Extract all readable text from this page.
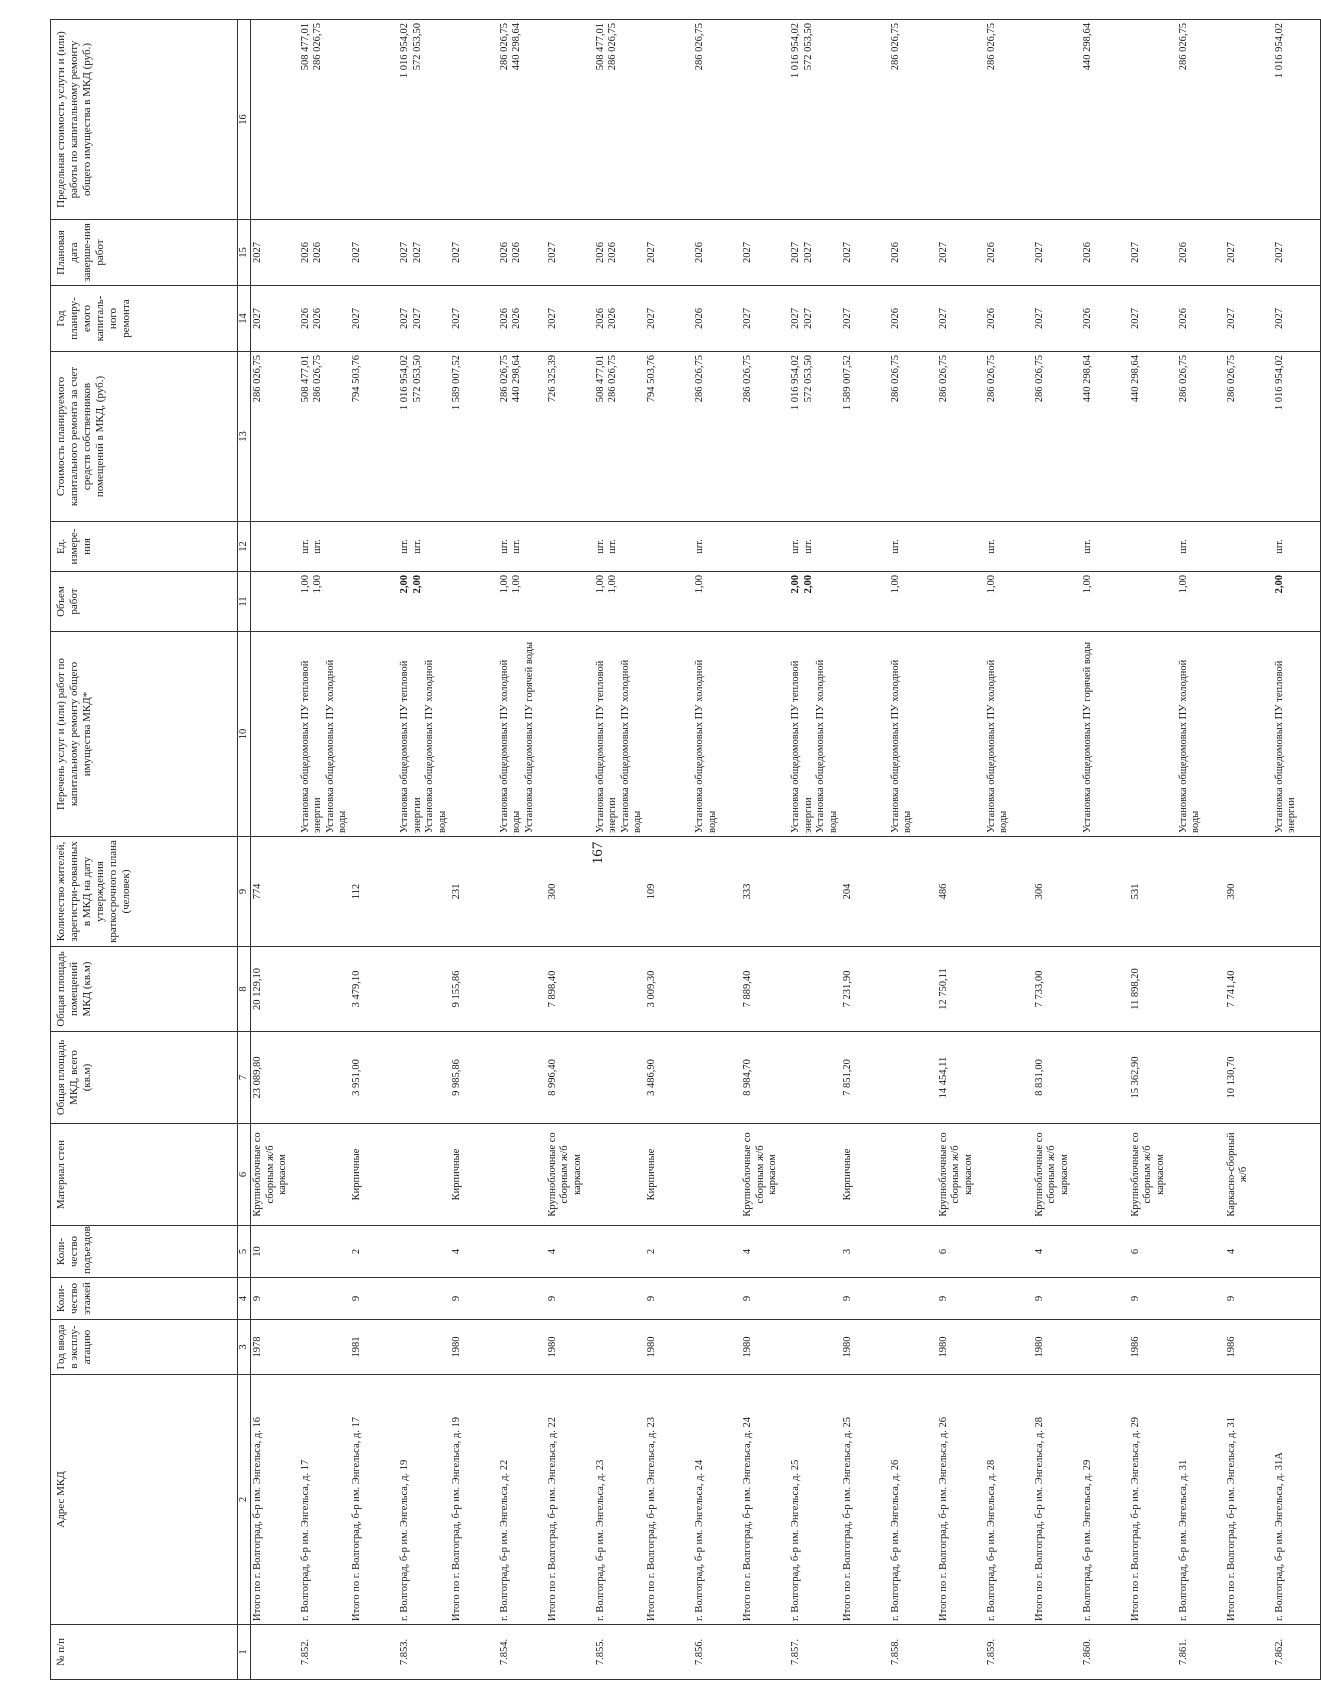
167
№ п/п	Адрес МКД	Год ввода в эксплу-атацию	Коли-чество этажей	Коли-чество подъездов	Материал стен	Общая площадь МКД, всего (кв.м)	Общая площадь помещений МКД (кв.м)	Количество жителей, зарегистри-рованных в МКД на дату утверждения краткосрочного плана (человек)	Перечень услуг и (или) работ по капитальному ремонту общего имущества МКД*	Объем работ	Ед. измере-ния	Стоимость планируемого капитального ремонта за счет средств собственников помещений в МКД, (руб.)	Год планиру-емого капиталь-ного ремонта	Плановая дата заверше-ния работ	Предельная стоимость услуги и (или) работы по капитальному ремонту общего имущества в МКД (руб.)
1	2	3	4	5	6	7	8	9	10	11	12	13	14	15	16
	Итого по г. Волгоград, б-р им. Энгельса, д. 16	1978	9	10	Крупноблочные со сборным ж/б каркасом	23 089,80	20 129,10	774				286 026,75	2027	2027	

7.852.	г. Волгоград, б-р им. Энгельса, д. 17								Установка общедомовых ПУ тепловой энергии Установка общедомовых ПУ холодной воды	1,00 1,00	шт. шт.	508 477,01 286 026,75	2026 2026	2026 2026	508 477,01 286 026,75

	Итого по г. Волгоград, б-р им. Энгельса, д. 17	1981	9	2	Кирпичные	3 951,00	3 479,10	112				794 503,76	2027	2027	

7.853.	г. Волгоград, б-р им. Энгельса, д. 19								Установка общедомовых ПУ тепловой энергии Установка общедомовых ПУ холодной воды	2,00 2,00	шт. шт.	1 016 954,02 572 053,50	2027 2027	2027 2027	1 016 954,02 572 053,50

	Итого по г. Волгоград, б-р им. Энгельса, д. 19	1980	9	4	Кирпичные	9 985,86	9 155,86	231				1 589 007,52	2027	2027	

7.854.	г. Волгоград, б-р им. Энгельса, д. 22								Установка общедомовых ПУ холодной воды Установка общедомовых ПУ горячей воды	1,00 1,00	шт. шт.	286 026,75 440 298,64	2026 2026	2026 2026	286 026,75 440 298,64

	Итого по г. Волгоград, б-р им. Энгельса, д. 22	1980	9	4	Крупноблочные со сборным ж/б каркасом	8 996,40	7 898,40	300				726 325,39	2027	2027	

7.855.	г. Волгоград, б-р им. Энгельса, д. 23								Установка общедомовых ПУ тепловой энергии Установка общедомовых ПУ холодной воды	1,00 1,00	шт. шт.	508 477,01 286 026,75	2026 2026	2026 2026	508 477,01 286 026,75

	Итого по г. Волгоград, б-р им. Энгельса, д. 23	1980	9	2	Кирпичные	3 486,90	3 009,30	109				794 503,76	2027	2027	

7.856.	г. Волгоград, б-р им. Энгельса, д. 24								Установка общедомовых ПУ холодной воды	1,00	шт.	286 026,75	2026	2026	286 026,75

	Итого по г. Волгоград, б-р им. Энгельса, д. 24	1980	9	4	Крупноблочные со сборным ж/б каркасом	8 984,70	7 889,40	333				286 026,75	2027	2027	

7.857.	г. Волгоград, б-р им. Энгельса, д. 25								Установка общедомовых ПУ тепловой энергии Установка общедомовых ПУ холодной воды	2,00 2,00	шт. шт.	1 016 954,02 572 053,50	2027 2027	2027 2027	1 016 954,02 572 053,50

	Итого по г. Волгоград, б-р им. Энгельса, д. 25	1980	9	3	Кирпичные	7 851,20	7 231,90	204				1 589 007,52	2027	2027	

7.858.	г. Волгоград, б-р им. Энгельса, д. 26								Установка общедомовых ПУ холодной воды	1,00	шт.	286 026,75	2026	2026	286 026,75

	Итого по г. Волгоград, б-р им. Энгельса, д. 26	1980	9	6	Крупноблочные со сборным ж/б каркасом	14 454,11	12 750,11	486				286 026,75	2027	2027	

7.859.	г. Волгоград, б-р им. Энгельса, д. 28								Установка общедомовых ПУ холодной воды	1,00	шт.	286 026,75	2026	2026	286 026,75

	Итого по г. Волгоград, б-р им. Энгельса, д. 28	1980	9	4	Крупноблочные со сборным ж/б каркасом	8 831,00	7 733,00	306				286 026,75	2027	2027	

7.860.	г. Волгоград, б-р им. Энгельса, д. 29								Установка общедомовых ПУ горячей воды	1,00	шт.	440 298,64	2026	2026	440 298,64

	Итого по г. Волгоград, б-р им. Энгельса, д. 29	1986	9	6	Крупноблочные со сборным ж/б каркасом	15 362,90	11 898,20	531				440 298,64	2027	2027	

7.861.	г. Волгоград, б-р им. Энгельса, д. 31								Установка общедомовых ПУ холодной воды	1,00	шт.	286 026,75	2026	2026	286 026,75

	Итого по г. Волгоград, б-р им. Энгельса, д. 31	1986	9	4	Каркасно-сборный ж/б	10 130,70	7 741,40	390				286 026,75	2027	2027	

7.862.	г. Волгоград, б-р им. Энгельса, д. 31А								Установка общедомовых ПУ тепловой энергии	2,00	шт.	1 016 954,02	2027	2027	1 016 954,02
